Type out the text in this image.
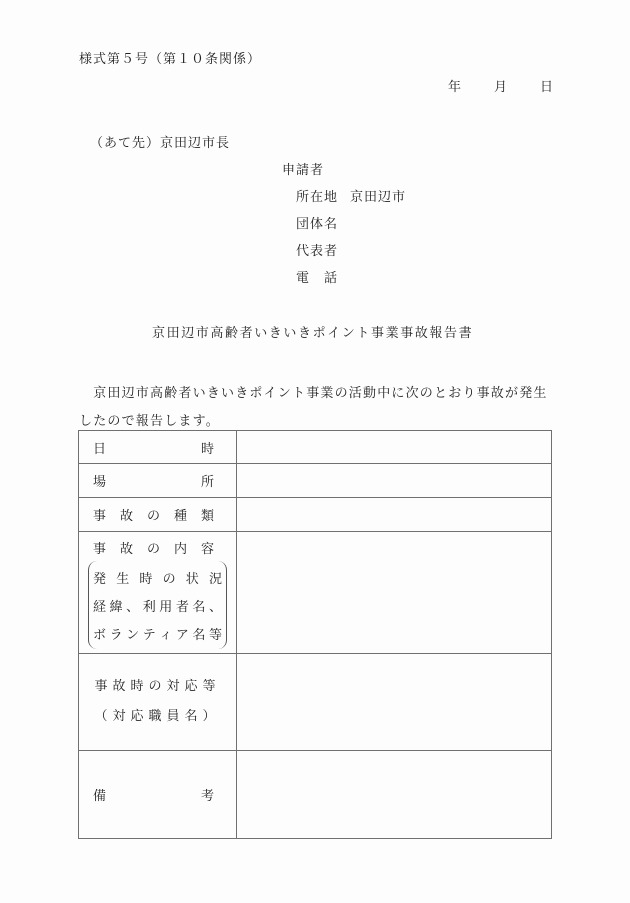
様式第５号（第１０条関係）
年	月	日
（あて先）京田辺市長
申請者
所在地 京田辺市
団体名
代表者
電　話
京田辺市高齢者いきいきポイント事業事故報告書
　京田辺市高齢者いきいきポイント事業の活動中に次のとおり事故が発生したので報告します。
日 時	

場 所	

事 故 の 種 類	

事 故 の 内 容
発 生 時 の 状 況
経 緯 、 利 用 者 名 、
ボ ラ ン テ ィ ア 名 等

事故時の対応等
（対応職員名）	

備 考	
